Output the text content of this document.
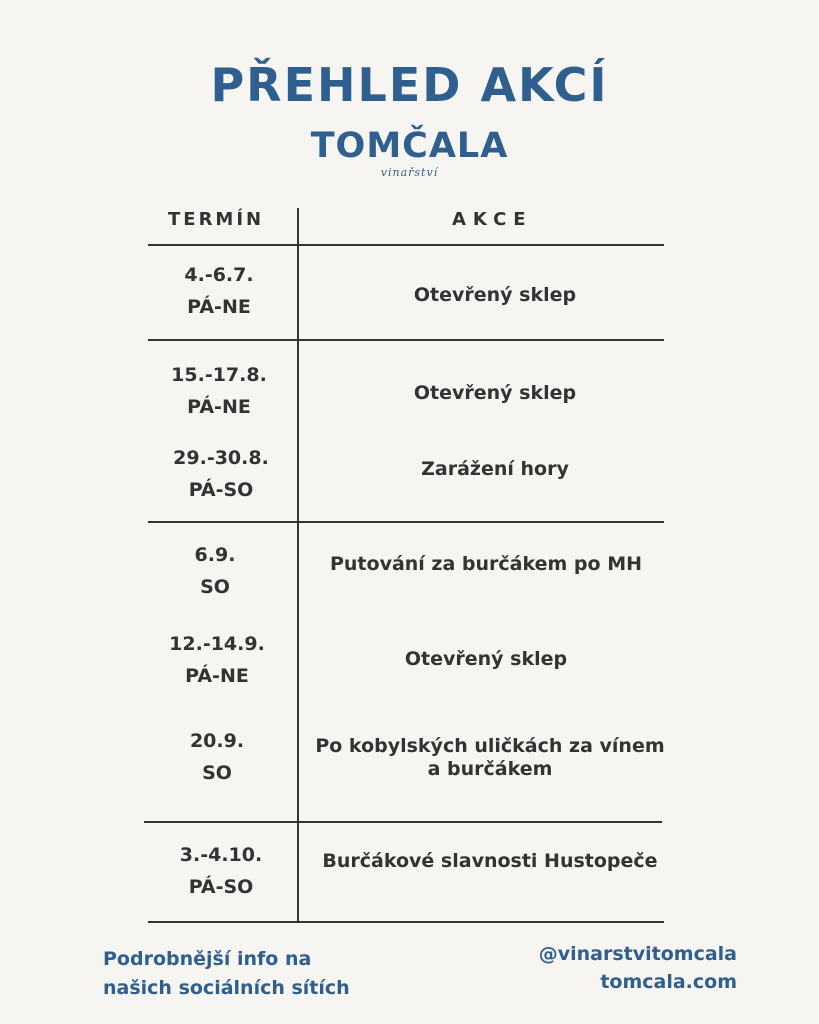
PŘEHLED AKCÍ
TOMČALA
vinařství
TERMÍN	AKCE
4.-6.7.
PÁ-NE
Otevřený sklep
15.-17.8.
PÁ-NE
Otevřený sklep
29.-30.8.
PÁ-SO
Zarážení hory
6.9.
SO
Putování za burčákem po MH
12.-14.9.
PÁ-NE
Otevřený sklep
20.9.
SO
Po kobylských uličkách za vínem a burčákem
3.-4.10.
PÁ-SO
Burčákové slavnosti Hustopeče
Podrobnější info na
našich sociálních sítích
@vinarstvitomcala
tomcala.com
